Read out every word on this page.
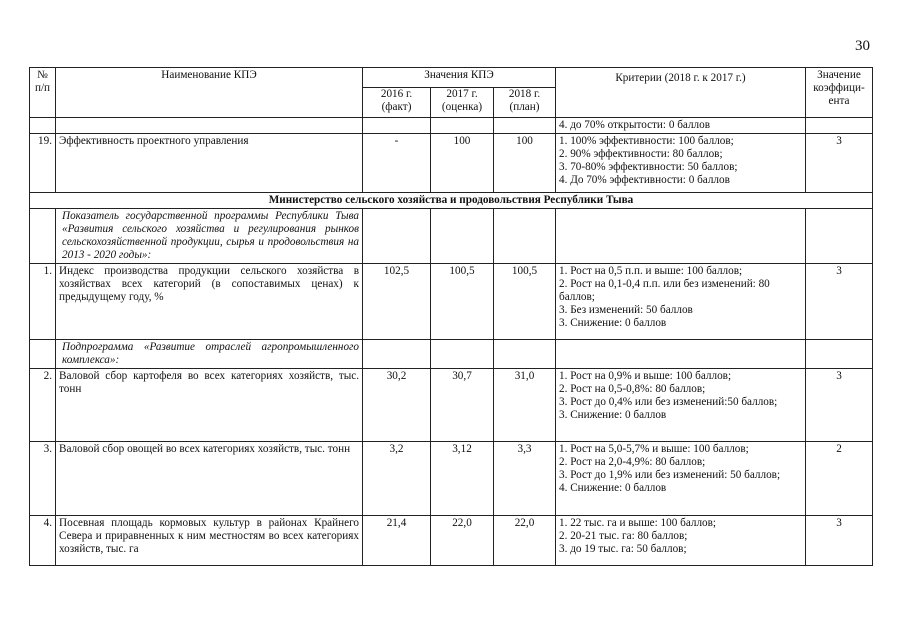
30
№ п/п	Наименование КПЭ	Значения КПЭ			Критерии (2018 г. к 2017 г.)	Значение коэффици- ента
		2016 г. (факт)	2017 г. (оценка)	2018 г. (план)		

					4. до 70% открытости: 0 баллов	

19.	Эффективность проектного управления	-	100	100	1. 100% эффективности: 100 баллов;
2. 90% эффективности: 80 баллов;
3. 70-80% эффективности: 50 баллов;
4. До 70% эффективности: 0 баллов	3
Министерство сельского хозяйства и продовольствия Республики Тыва						
	Показатель государственной программы Республики Тыва «Развития сельского хозяйства и регулирования рынков сельскохозяйственной продукции, сырья и продовольствия на 2013 - 2020 годы»:					
1.	Индекс производства продукции сельского хозяйства в хозяйствах всех категорий (в сопоставимых ценах) к предыдущему году, %	102,5	100,5	100,5	1. Рост на 0,5 п.п. и выше: 100 баллов;
2. Рост на 0,1-0,4 п.п. или без изменений: 80 баллов;
3. Без изменений: 50 баллов
3. Снижение: 0 баллов	3
	Подпрограмма «Развитие отраслей агропромышленного комплекса»:					
2.	Валовой сбор картофеля во всех категориях хозяйств, тыс. тонн	30,2	30,7	31,0	1. Рост на 0,9% и выше: 100 баллов;
2. Рост на 0,5-0,8%: 80 баллов;
3. Рост до 0,4% или без изменений:50 баллов;
3. Снижение: 0 баллов	3
3.	Валовой сбор овощей во всех категориях хозяйств, тыс. тонн	3,2	3,12	3,3	1. Рост на 5,0-5,7% и выше: 100 баллов;
2. Рост на 2,0-4,9%: 80 баллов;
3. Рост до 1,9% или без изменений: 50 баллов;
4. Снижение: 0 баллов	2
4.	Посевная площадь кормовых культур в районах Крайнего Севера и приравненных к ним местностям во всех категориях хозяйств, тыс. га	21,4	22,0	22,0	1. 22 тыс. га и выше: 100 баллов;
2. 20-21 тыс. га: 80 баллов;
3. до 19 тыс. га: 50 баллов;	3
